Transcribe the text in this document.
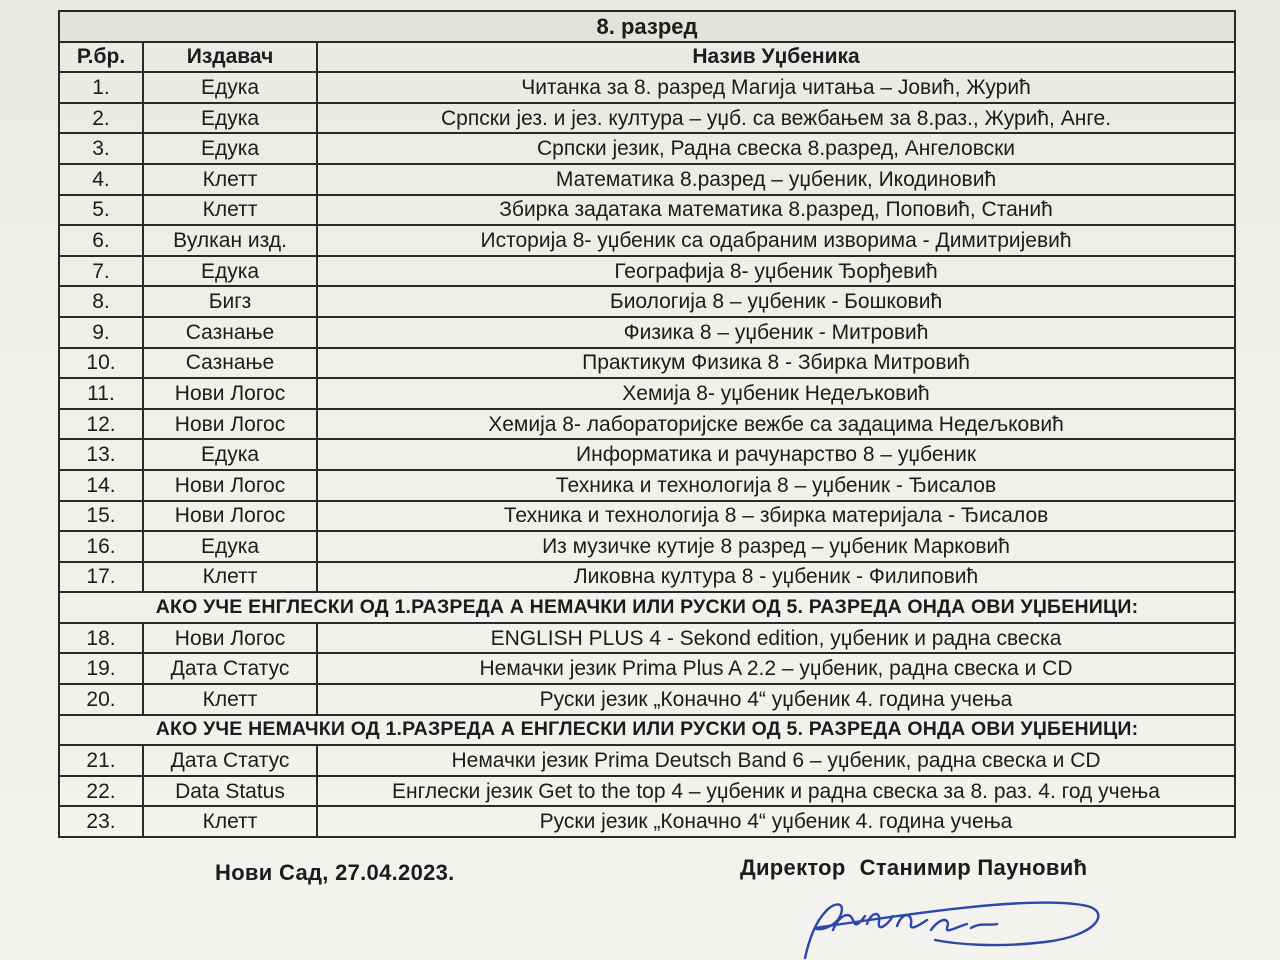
8. разред		
Р.бр.	Издавач	Назив Уџбеника
1.	Едука	Читанка за 8. разред Магија читања – Јовић, Журић
2.	Едука	Српски јез. и јез. култура – уџб. са вежбањем за 8.раз., Журић, Анге.
3.	Едука	Српски језик, Радна свеска 8.разред, Ангеловски
4.	Клетт	Математика 8.разред – уџбеник, Икодиновић
5.	Клетт	Збирка задатака математика 8.разред, Поповић, Станић
6.	Вулкан изд.	Историја 8- уџбеник са одабраним изворима - Димитријевић
7.	Едука	Географија 8- уџбеник Ђорђевић
8.	Бигз	Биологија 8 – уџбеник - Бошковић
9.	Сазнање	Физика 8 – уџбеник - Митровић
10.	Сазнање	Практикум Физика 8 - Збирка Митровић
11.	Нови Логос	Хемија 8- уџбеник Недељковић
12.	Нови Логос	Хемија 8- лабораторијске вежбе са задацима Недељковић
13.	Едука	Информатика и рачунарство 8 – уџбеник
14.	Нови Логос	Техника и технологија 8 – уџбеник - Ђисалов
15.	Нови Логос	Техника и технологија 8 – збирка материјала - Ђисалов
16.	Едука	Из музичке кутије 8 разред – уџбеник Марковић
17.	Клетт	Ликовна култура 8 - уџбеник - Филиповић
АКО УЧЕ ЕНГЛЕСКИ ОД 1.РАЗРЕДА А НЕМАЧКИ ИЛИ РУСКИ ОД 5. РАЗРЕДА ОНДА ОВИ УЏБЕНИЦИ:		
18.	Нови Логос	ENGLISH PLUS 4 - Sekond edition, уџбеник и радна свеска
19.	Дата Статус	Немачки језик Prima Plus A 2.2 – уџбеник, радна свеска и CD
20.	Клетт	Руски језик „Коначно 4“ уџбеник 4. година учења
АКО УЧЕ НЕМАЧКИ ОД 1.РАЗРЕДА А ЕНГЛЕСКИ ИЛИ РУСКИ ОД 5. РАЗРЕДА ОНДА ОВИ УЏБЕНИЦИ:		
21.	Дата Статус	Немачки језик Prima Deutsch Band 6 – уџбеник, радна свеска и CD
22.	Data Status	Енглески језик Get to the top 4 – уџбеник и радна свеска за 8. раз. 4. год учења
23.	Клетт	Руски језик „Коначно 4“ уџбеник 4. година учења
Нови Сад, 27.04.2023.	Директор Станимир Пауновић
